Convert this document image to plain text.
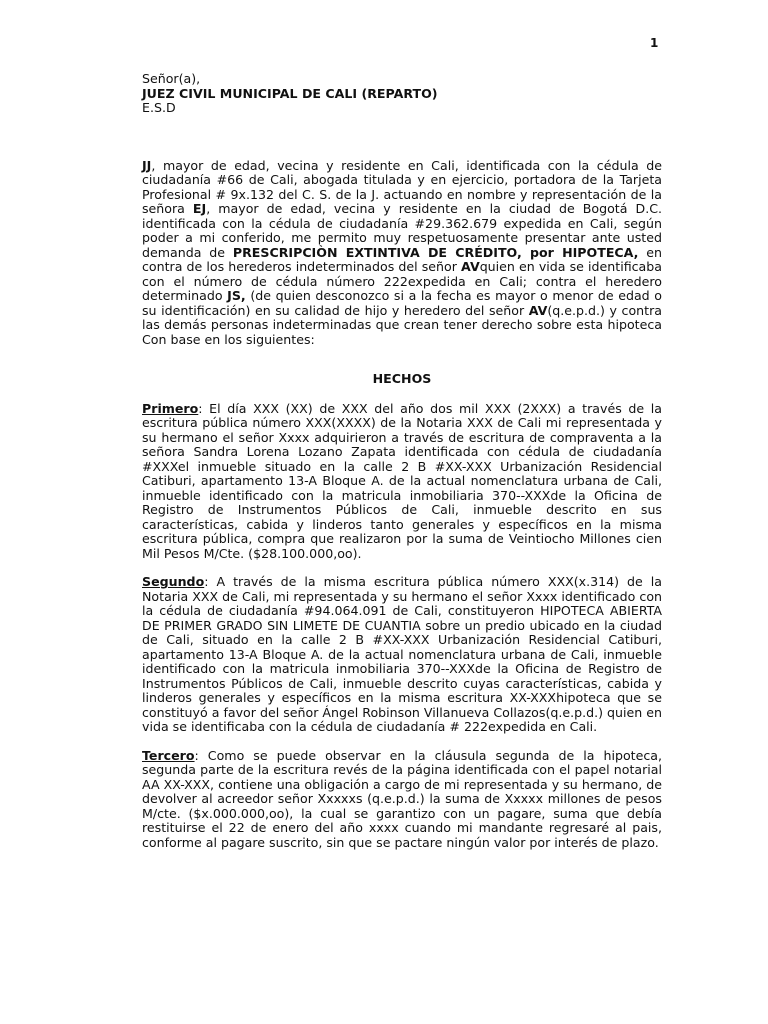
1
Señor(a),
JUEZ CIVIL MUNICIPAL DE CALI (REPARTO)
E.S.D

JJ, mayor de edad, vecina y residente en Cali, identificada con la cédula de ciudadanía #66 de Cali, abogada titulada y en ejercicio, portadora de la Tarjeta Profesional # 9x.132 del C. S. de la J. actuando en nombre y representación de la señora EJ, mayor de edad, vecina y residente en la ciudad de Bogotá D.C. identificada con la cédula de ciudadanía #29.362.679 expedida en Cali, según poder a mi conferido, me permito muy respetuosamente presentar ante usted demanda de PRESCRIPCIÒN EXTINTIVA DE CRÉDITO, por HIPOTECA, en contra de los herederos indeterminados del señor AVquien en vida se identificaba con el número de cédula número 222expedida en Cali; contra el heredero determinado JS, (de quien desconozco si a la fecha es mayor o menor de edad o su identificación) en su calidad de hijo y heredero del señor AV(q.e.p.d.) y contra las demás personas indeterminadas que crean tener derecho sobre esta hipoteca Con base en los siguientes:

HECHOS

Primero: El día XXX (XX) de XXX del año dos mil XXX (2XXX) a través de la escritura pública número XXX(XXXX) de la Notaria XXX de Cali mi representada y su hermano el señor Xxxx adquirieron a través de escritura de compraventa a la señora Sandra Lorena Lozano Zapata identificada con cédula de ciudadanía #XXXel inmueble situado en la calle 2 B #XX-XXX Urbanización Residencial Catiburi, apartamento 13-A Bloque A. de la actual nomenclatura urbana de Cali, inmueble identificado con la matricula inmobiliaria 370--XXXde la Oficina de Registro de Instrumentos Públicos de Cali, inmueble descrito en sus características, cabida y linderos tanto generales y específicos en la misma escritura pública, compra que realizaron por la suma de Veintiocho Millones cien Mil Pesos M/Cte. ($28.100.000,oo).

Segundo: A través de la misma escritura pública número XXX(x.314) de la Notaria XXX de Cali, mi representada y su hermano el señor Xxxx identificado con la cédula de ciudadanía #94.064.091 de Cali, constituyeron HIPOTECA ABIERTA DE PRIMER GRADO SIN LIMETE DE CUANTIA sobre un predio ubicado en la ciudad de Cali, situado en la calle 2 B #XX-XXX Urbanización Residencial Catiburi, apartamento 13-A Bloque A. de la actual nomenclatura urbana de Cali, inmueble identificado con la matricula inmobiliaria 370--XXXde la Oficina de Registro de Instrumentos Públicos de Cali, inmueble descrito cuyas características, cabida y linderos generales y específicos en la misma escritura XX-XXXhipoteca que se constituyó a favor del señor Ángel Robinson Villanueva Collazos(q.e.p.d.) quien en vida se identificaba con la cédula de ciudadanía # 222expedida en Cali.

Tercero: Como se puede observar en la cláusula segunda de la hipoteca, segunda parte de la escritura revés de la página identificada con el papel notarial AA XX-XXX, contiene una obligación a cargo de mi representada y su hermano, de devolver al acreedor señor Xxxxxs (q.e.p.d.) la suma de Xxxxx millones de pesos M/cte. ($x.000.000,oo), la cual se garantizo con un pagare, suma que debía restituirse el 22 de enero del año xxxx cuando mi mandante regresaré al pais, conforme al pagare suscrito, sin que se pactare ningún valor por interés de plazo.
